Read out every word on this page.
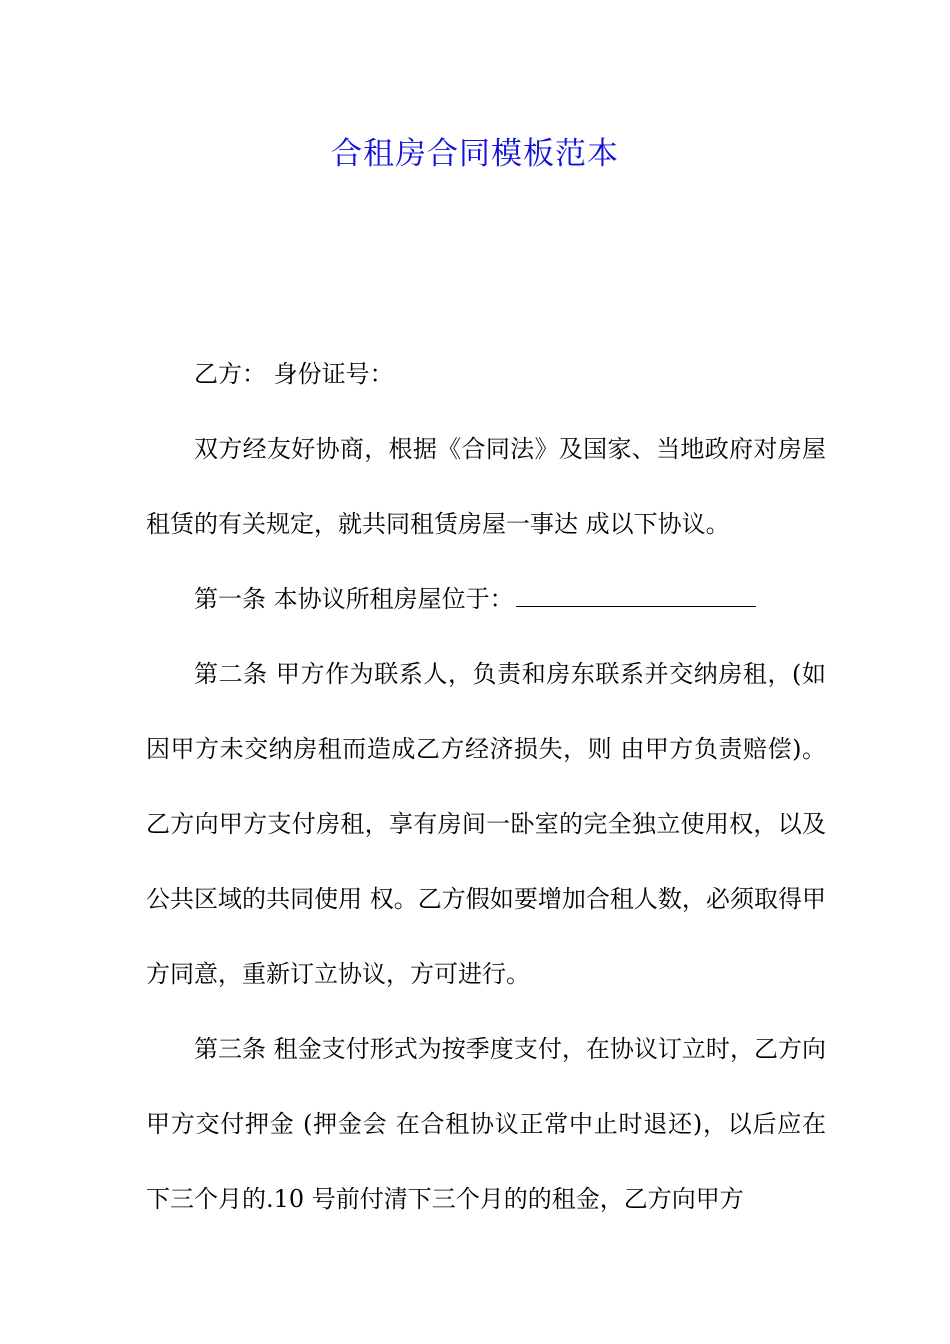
合租房合同模板范本

乙方： 身份证号：

双方经友好协商，根据《合同法》及国家、当地政府对房屋租赁的有关规定，就共同租赁房屋一事达 成以下协议。

第一条 本协议所租房屋位于：

第二条 甲方作为联系人，负责和房东联系并交纳房租，(如因甲方未交纳房租而造成乙方经济损失，则 由甲方负责赔偿)。乙方向甲方支付房租，享有房间一卧室的完全独立使用权，以及公共区域的共同使用 权。乙方假如要增加合租人数，必须取得甲方同意，重新订立协议，方可进行。

第三条 租金支付形式为按季度支付，在协议订立时，乙方向甲方交付押金 (押金会 在合租协议正常中止时退还)，以后应在下三个月的.10 号前付清下三个月的的租金，乙方向甲方
